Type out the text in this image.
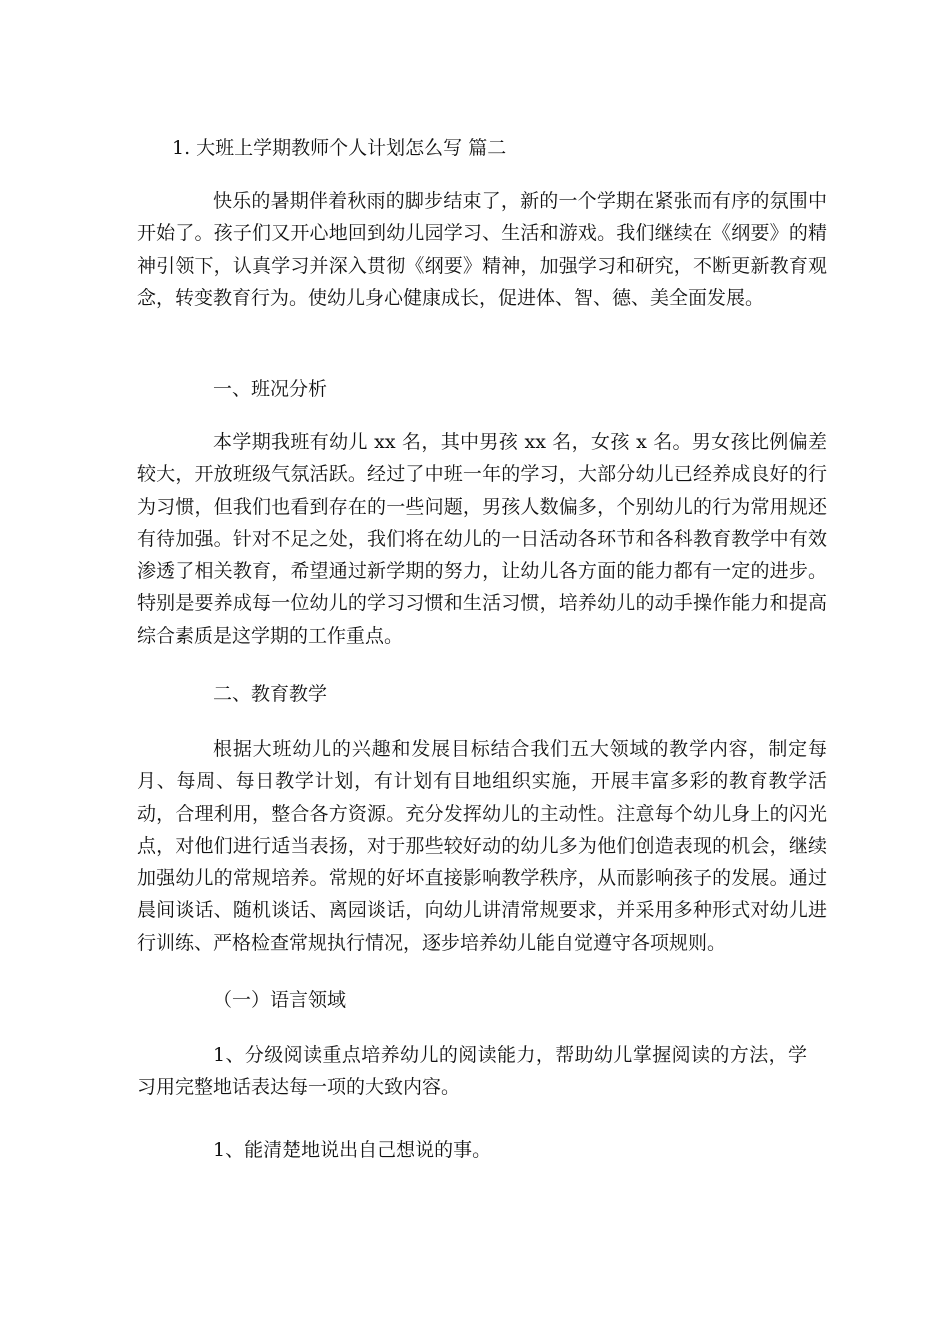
1. 大班上学期教师个人计划怎么写 篇二

快乐的暑期伴着秋雨的脚步结束了，新的一个学期在紧张而有序的氛围中开始了。孩子们又开心地回到幼儿园学习、生活和游戏。我们继续在《纲要》的精神引领下，认真学习并深入贯彻《纲要》精神，加强学习和研究，不断更新教育观念，转变教育行为。使幼儿身心健康成长，促进体、智、德、美全面发展。

一、班况分析

本学期我班有幼儿 xx 名，其中男孩 xx 名，女孩 x 名。男女孩比例偏差较大，开放班级气氛活跃。经过了中班一年的学习，大部分幼儿已经养成良好的行为习惯，但我们也看到存在的一些问题，男孩人数偏多，个别幼儿的行为常用规还有待加强。针对不足之处，我们将在幼儿的一日活动各环节和各科教育教学中有效渗透了相关教育，希望通过新学期的努力，让幼儿各方面的能力都有一定的进步。特别是要养成每一位幼儿的学习习惯和生活习惯，培养幼儿的动手操作能力和提高综合素质是这学期的工作重点。

二、教育教学

根据大班幼儿的兴趣和发展目标结合我们五大领域的教学内容，制定每月、每周、每日教学计划，有计划有目地组织实施，开展丰富多彩的教育教学活动，合理利用，整合各方资源。充分发挥幼儿的主动性。注意每个幼儿身上的闪光点，对他们进行适当表扬，对于那些较好动的幼儿多为他们创造表现的机会，继续加强幼儿的常规培养。常规的好坏直接影响教学秩序，从而影响孩子的发展。通过晨间谈话、随机谈话、离园谈话，向幼儿讲清常规要求，并采用多种形式对幼儿进行训练、严格检查常规执行情况，逐步培养幼儿能自觉遵守各项规则。

（一）语言领域

1、分级阅读重点培养幼儿的阅读能力，帮助幼儿掌握阅读的方法，学习用完整地话表达每一项的大致内容。

1、能清楚地说出自己想说的事。
